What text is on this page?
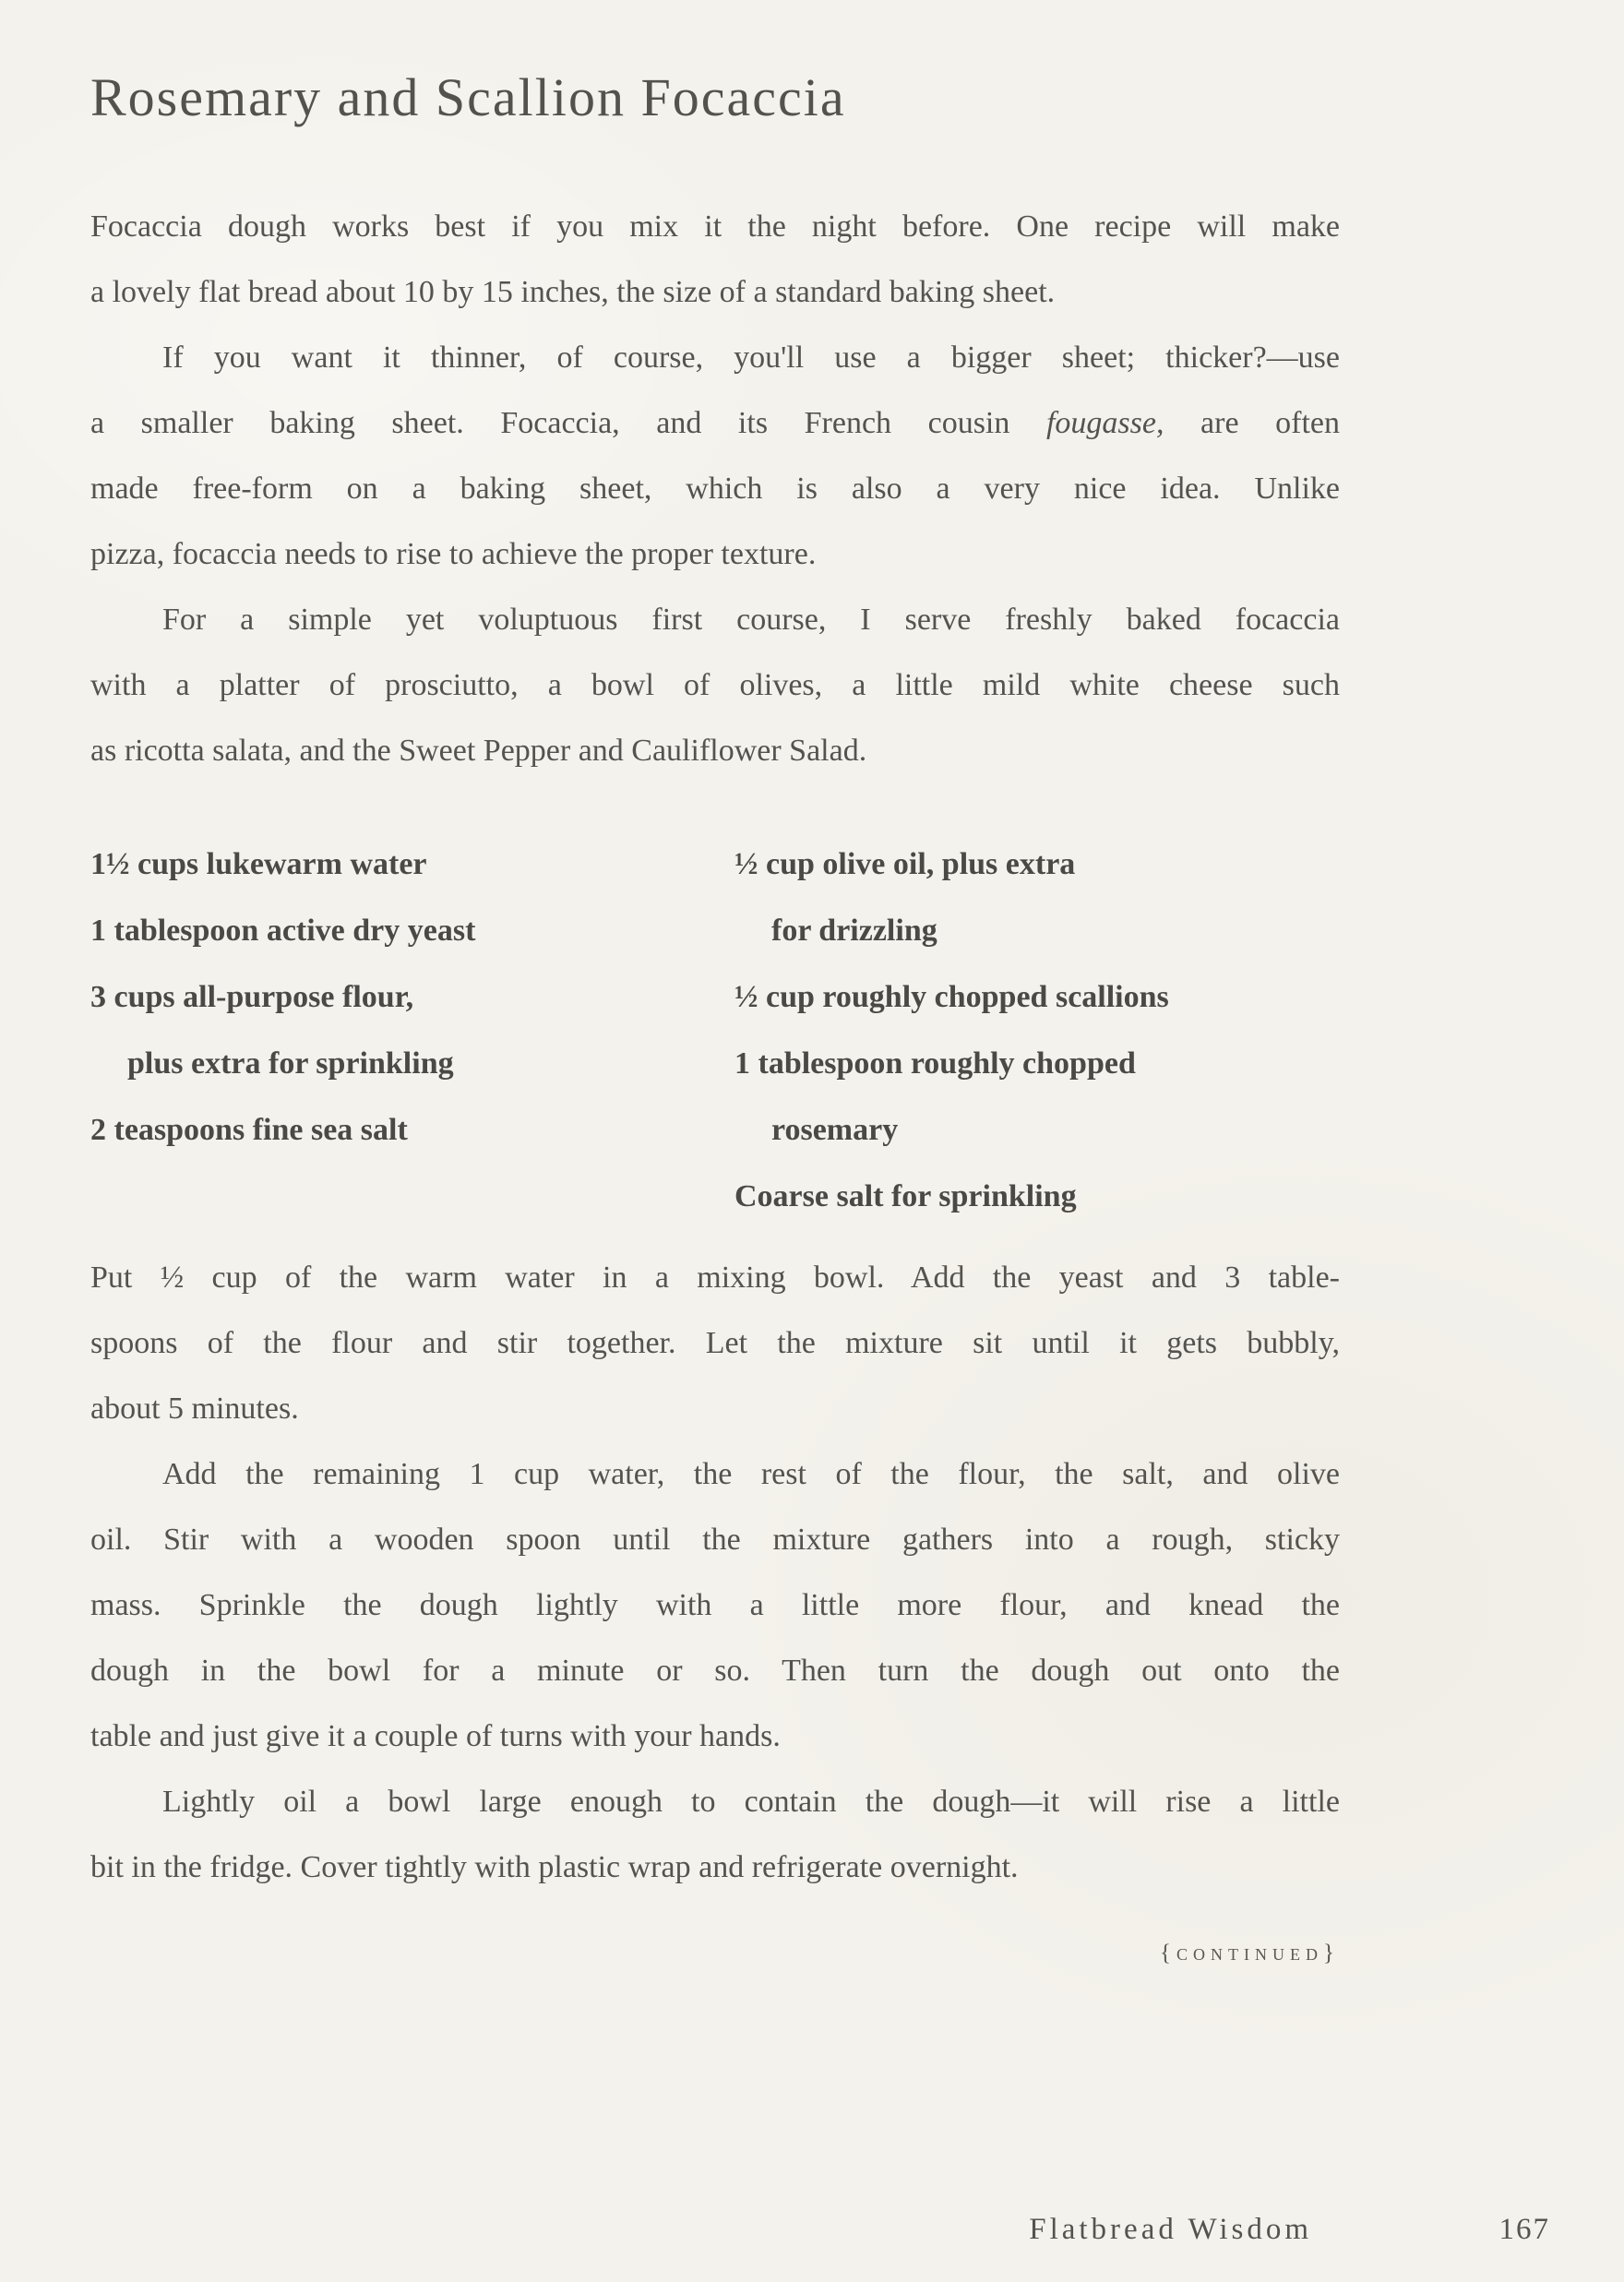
Rosemary and Scallion Focaccia
Focaccia dough works best if you mix it the night before. One recipe will make
a lovely flat bread about 10 by 15 inches, the size of a standard baking sheet.
If you want it thinner, of course, you'll use a bigger sheet; thicker?—use
a smaller baking sheet. Focaccia, and its French cousin fougasse, are often
made free-form on a baking sheet, which is also a very nice idea. Unlike
pizza, focaccia needs to rise to achieve the proper texture.
For a simple yet voluptuous first course, I serve freshly baked focaccia
with a platter of prosciutto, a bowl of olives, a little mild white cheese such
as ricotta salata, and the Sweet Pepper and Cauliflower Salad.
1½ cups lukewarm water
1 tablespoon active dry yeast
3 cups all-purpose flour,
plus extra for sprinkling
2 teaspoons fine sea salt
½ cup olive oil, plus extra
for drizzling
½ cup roughly chopped scallions
1 tablespoon roughly chopped
rosemary
Coarse salt for sprinkling
Put ½ cup of the warm water in a mixing bowl. Add the yeast and 3 table-
spoons of the flour and stir together. Let the mixture sit until it gets bubbly,
about 5 minutes.
Add the remaining 1 cup water, the rest of the flour, the salt, and olive
oil. Stir with a wooden spoon until the mixture gathers into a rough, sticky
mass. Sprinkle the dough lightly with a little more flour, and knead the
dough in the bowl for a minute or so. Then turn the dough out onto the
table and just give it a couple of turns with your hands.
Lightly oil a bowl large enough to contain the dough—it will rise a little
bit in the fridge. Cover tightly with plastic wrap and refrigerate overnight.
{continued}
Flatbread Wisdom	167
